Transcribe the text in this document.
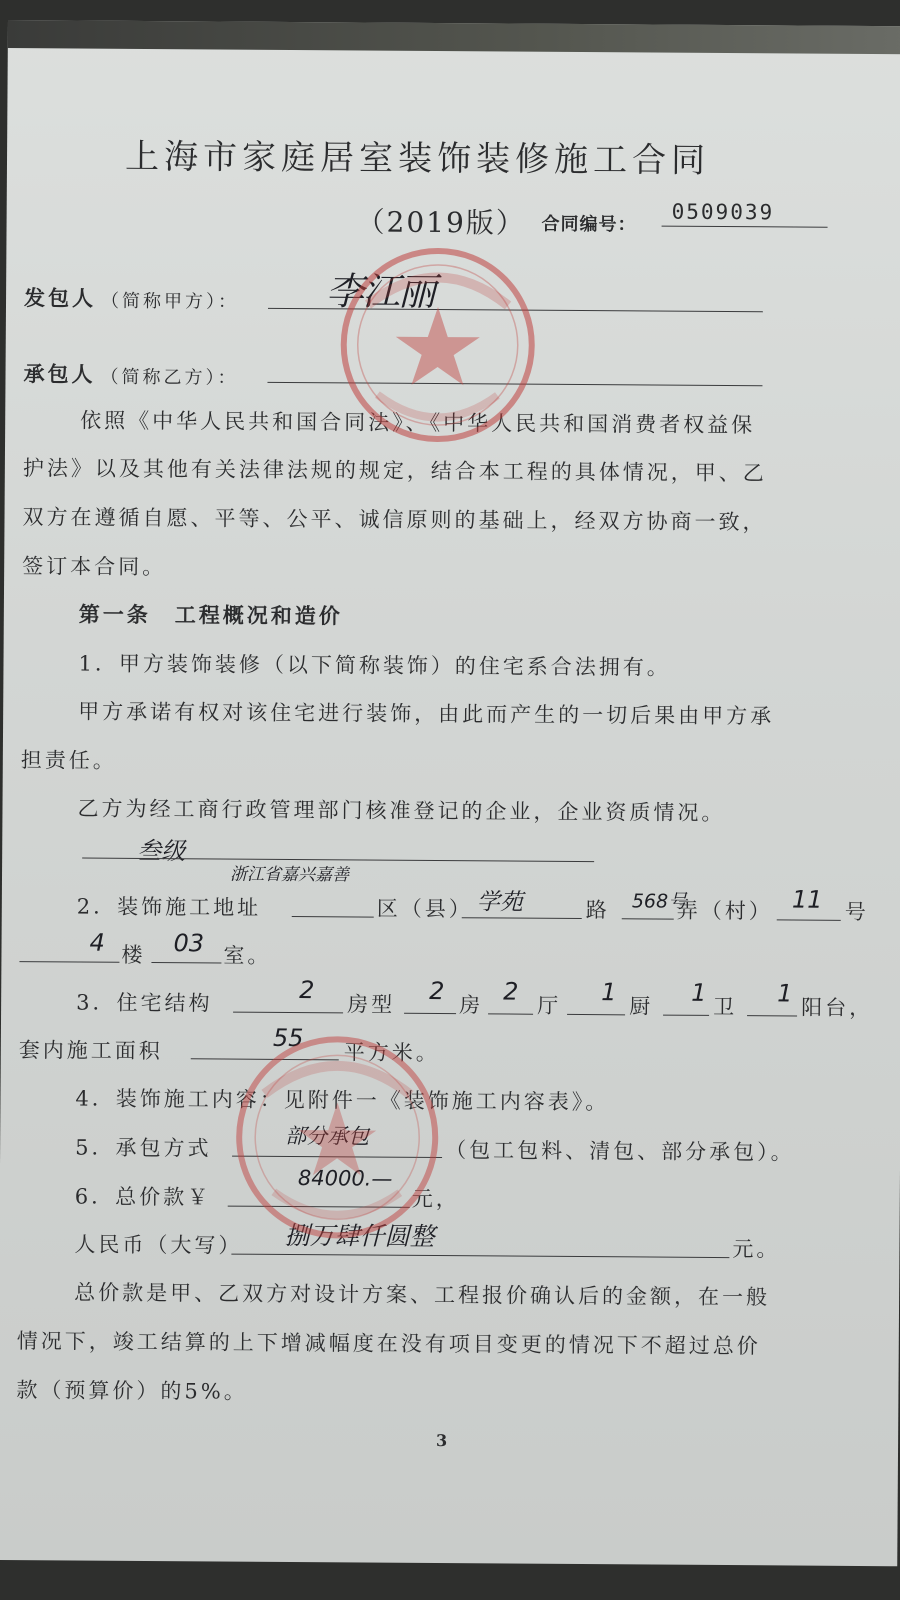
上海市家庭居室装饰装修施工合同
（2019版） 合同编号：
0509039
发包人 （简称甲方）： 李江丽
承包人 （简称乙方）：
依照《中华人民共和国合同法》、《中华人民共和国消费者权益保
护法》以及其他有关法律法规的规定，结合本工程的具体情况，甲、乙
双方在遵循自愿、平等、公平、诚信原则的基础上，经双方协商一致，
签订本合同。
第一条　工程概况和造价
1．甲方装饰装修（以下简称装饰）的住宅系合法拥有。
甲方承诺有权对该住宅进行装饰，由此而产生的一切后果由甲方承
担责任。
乙方为经工商行政管理部门核准登记的企业，企业资质情况。
叁级
2．装饰施工地址
浙江省嘉兴嘉善
区（县） 学苑	路 568号
弄（村） 11 号
4 楼 03 室。
3．住宅结构	2
房型 2
房 2
厅 1
厨 1
卫 1
阳台，
套内施工面积	55
平方米。
4．装饰施工内容：见附件一《装饰施工内容表》。
5．承包方式	部分承包
（包工包料、清包、部分承包）。
6．总价款￥
84000.—
元，
人民币（大写） 捌万肆仟圆整	元。
总价款是甲、乙双方对设计方案、工程报价确认后的金额，在一般
情况下，竣工结算的上下增减幅度在没有项目变更的情况下不超过总价
款（预算价）的5%。
3
